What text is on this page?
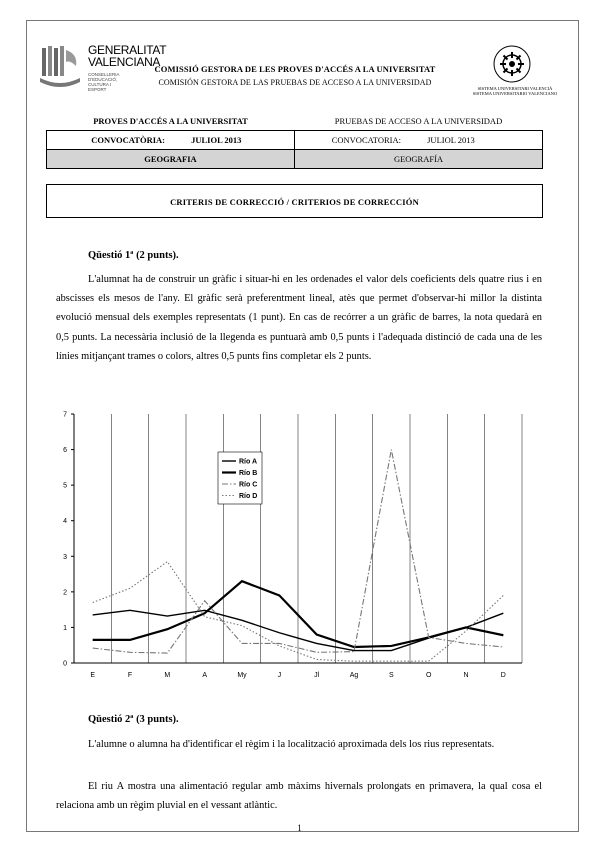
GENERALITAT
VALENCIANA
CONSELLERIA D'EDUCACIÓ,
CULTURA I ESPORT
COMISSIÓ GESTORA DE LES PROVES D'ACCÉS A LA UNIVERSITAT
COMISIÓN GESTORA DE LAS PRUEBAS DE ACCESO A LA UNIVERSIDAD
SISTEMA UNIVERSITARI VALENCIÀ
SISTEMA UNIVERSITARIO VALENCIANO
PROVES D'ACCÉS A LA UNIVERSITAT	PRUEBAS DE ACCESO A LA UNIVERSIDAD
CONVOCATÒRIA: JULIOL 2013	CONVOCATORIA: JULIOL 2013
GEOGRAFIA	GEOGRAFÍA
CRITERIS DE CORRECCIÓ / CRITERIOS DE CORRECCIÓN
Qüestió 1ª (2 punts).
L'alumnat ha de construir un gràfic i situar-hi en les ordenades el valor dels coeficients dels quatre rius i en abscisses els mesos de l'any. El gràfic serà preferentment lineal, atès que permet d'observar-hi millor la distinta evolució mensual dels exemples representats (1 punt). En cas de recórrer a un gràfic de barres, la nota quedarà en 0,5 punts. La necessària inclusió de la llegenda es puntuarà amb 0,5 punts i l'adequada distinció de cada una de les línies mitjançant trames o colors, altres 0,5 punts fins completar els 2 punts.
0
1
2
3
4
5
6
7
E	F	M	A	My	J	Jl	Ag	S	O	N	D
Río A
Río B
Río C
Río D
Qüestió 2ª (3 punts).
L'alumne o alumna ha d'identificar el règim i la localització aproximada dels los rius representats.
El riu A mostra una alimentació regular amb màxims hivernals prolongats en primavera, la qual cosa el relaciona amb un règim pluvial en el vessant atlàntic.
1
